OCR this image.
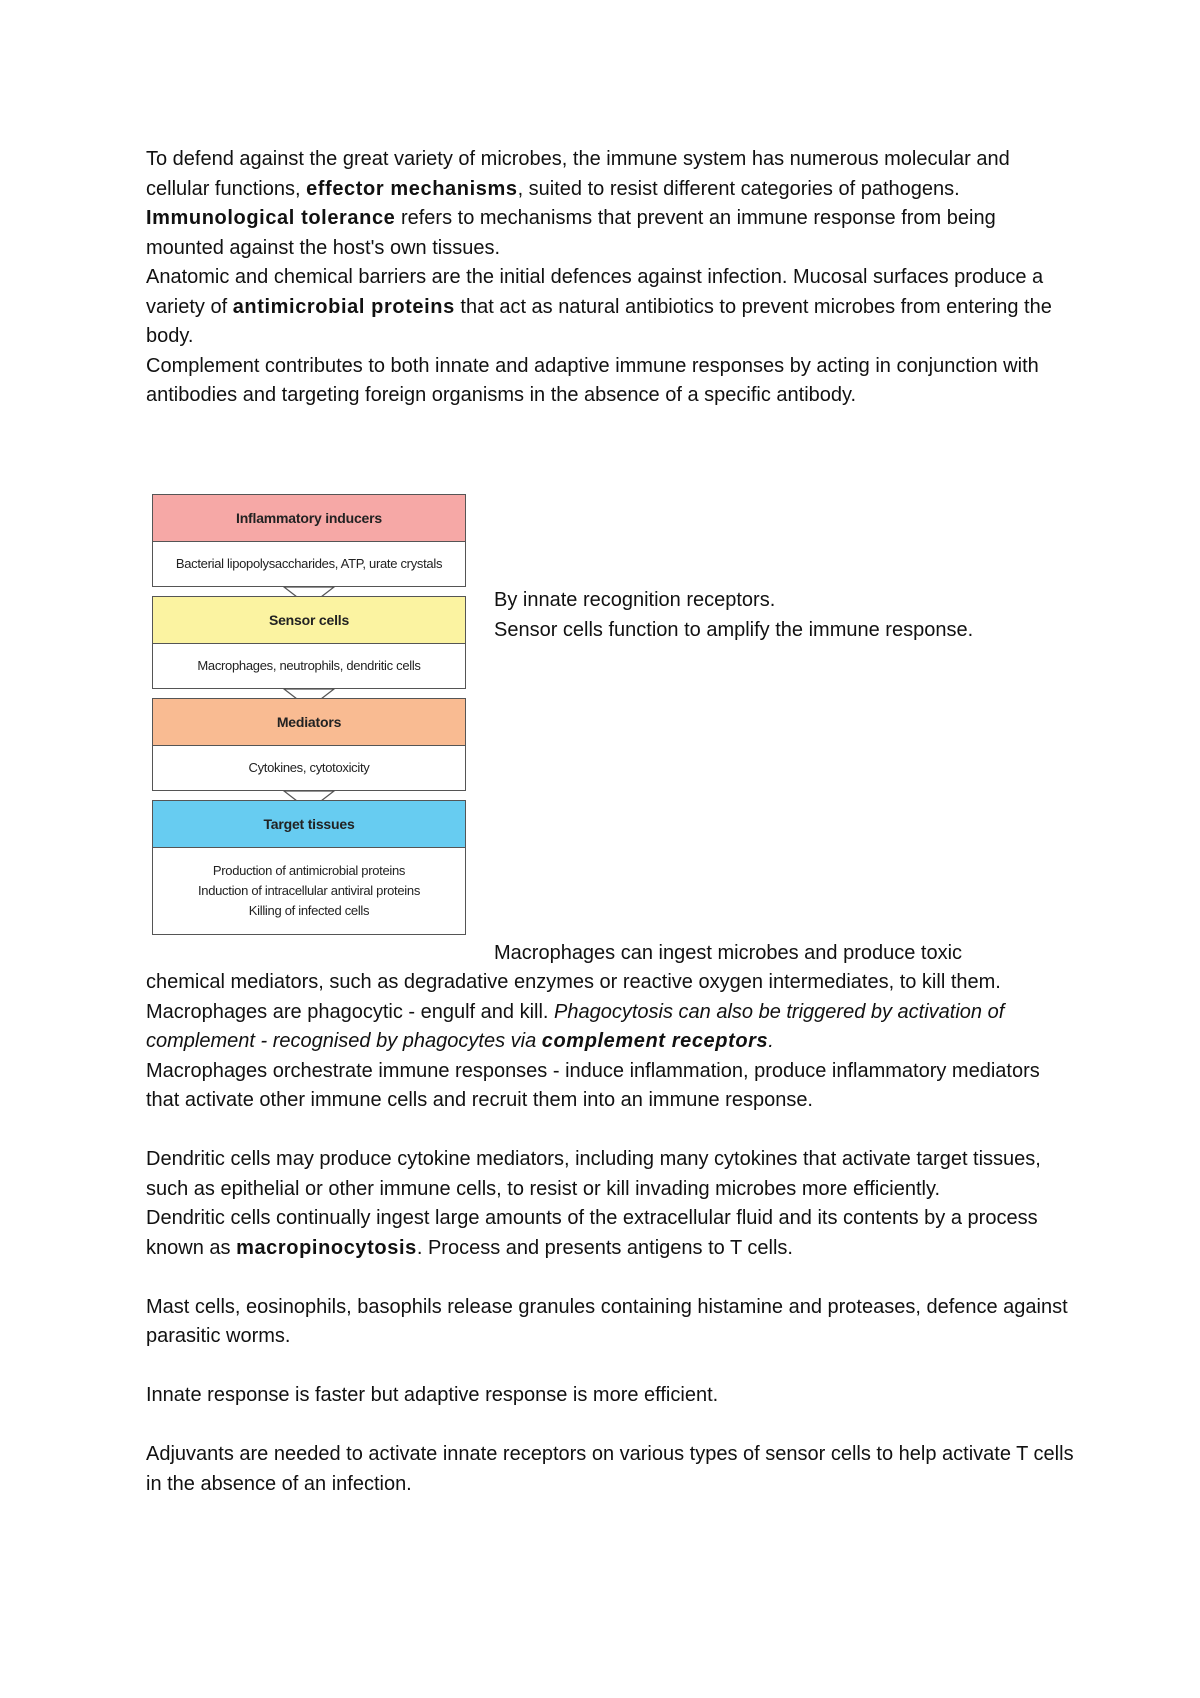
To defend against the great variety of microbes, the immune system has numerous molecular and cellular functions, effector mechanisms, suited to resist different categories of pathogens.

Immunological tolerance refers to mechanisms that prevent an immune response from being mounted against the host's own tissues.

Anatomic and chemical barriers are the initial defences against infection. Mucosal surfaces produce a variety of antimicrobial proteins that act as natural antibiotics to prevent microbes from entering the body.

Complement contributes to both innate and adaptive immune responses by acting in conjunction with antibodies and targeting foreign organisms in the absence of a specific antibody.

Inflammatory inducers
Bacterial lipopolysaccharides, ATP, urate crystals
Sensor cells
Macrophages, neutrophils, dendritic cells
Mediators
Cytokines, cytotoxicity
Target tissues
Production of antimicrobial proteins
Induction of intracellular antiviral proteins
Killing of infected cells

By innate recognition receptors.

Sensor cells function to amplify the immune response.

Macrophages can ingest microbes and produce toxic

chemical mediators, such as degradative enzymes or reactive oxygen intermediates, to kill them.

Macrophages are phagocytic - engulf and kill. Phagocytosis can also be triggered by activation of complement - recognised by phagocytes via complement receptors.

Macrophages orchestrate immune responses - induce inflammation, produce inflammatory mediators that activate other immune cells and recruit them into an immune response.

Dendritic cells may produce cytokine mediators, including many cytokines that activate target tissues, such as epithelial or other immune cells, to resist or kill invading microbes more efficiently.

Dendritic cells continually ingest large amounts of the extracellular fluid and its contents by a process known as macropinocytosis. Process and presents antigens to T cells.

Mast cells, eosinophils, basophils release granules containing histamine and proteases, defence against parasitic worms.

Innate response is faster but adaptive response is more efficient.

Adjuvants are needed to activate innate receptors on various types of sensor cells to help activate T cells in the absence of an infection.
